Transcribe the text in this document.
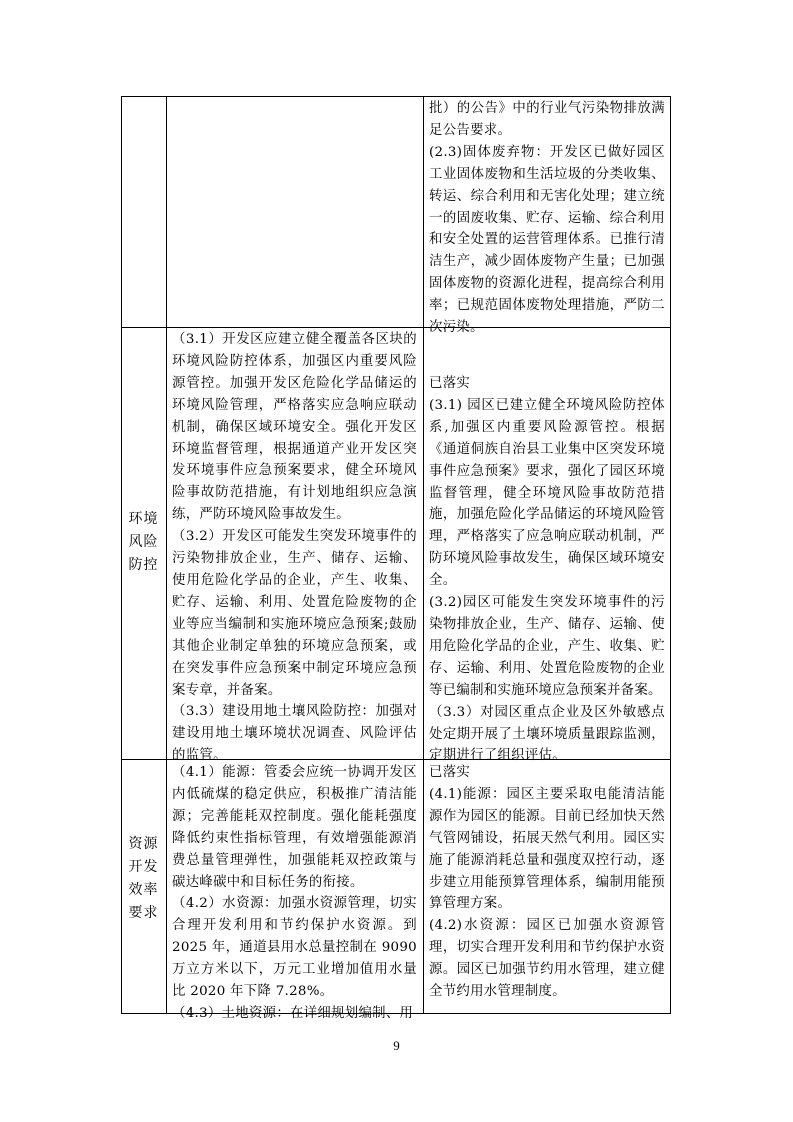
批）的公告》中的行业气污染物排放满足公告要求。

(2.3)固体废弃物：开发区已做好园区工业固体废物和生活垃圾的分类收集、转运、综合利用和无害化处理；建立统一的固废收集、贮存、运输、综合利用和安全处置的运营管理体系。已推行清洁生产，减少固体废物产生量；已加强固体废物的资源化进程，提高综合利用率；已规范固体废物处理措施，严防二次污染。

环境
风险
防控

（3.1）开发区应建立健全覆盖各区块的环境风险防控体系，加强区内重要风险源管控。加强开发区危险化学品储运的环境风险管理，严格落实应急响应联动机制，确保区域环境安全。强化开发区环境监督管理，根据通道产业开发区突发环境事件应急预案要求，健全环境风险事故防范措施，有计划地组织应急演练，严防环境风险事故发生。

（3.2）开发区可能发生突发环境事件的污染物排放企业，生产、储存、运输、使用危险化学品的企业，产生、收集、贮存、运输、利用、处置危险废物的企业等应当编制和实施环境应急预案;鼓励其他企业制定单独的环境应急预案，或在突发事件应急预案中制定环境应急预案专章，并备案。

（3.3）建设用地土壤风险防控：加强对建设用地土壤环境状况调查、风险评估的监管。

已落实

(3.1) 园区已建立健全环境风险防控体系,加强区内重要风险源管控。根据《通道侗族自治县工业集中区突发环境事件应急预案》要求，强化了园区环境监督管理，健全环境风险事故防范措施，加强危险化学品储运的环境风险管理，严格落实了应急响应联动机制，严防环境风险事故发生，确保区域环境安全。

(3.2)园区可能发生突发环境事件的污染物排放企业，生产、储存、运输、使用危险化学品的企业，产生、收集、贮存、运输、利用、处置危险废物的企业等已编制和实施环境应急预案并备案。

（3.3）对园区重点企业及区外敏感点处定期开展了土壤环境质量跟踪监测，定期进行了组织评估。

资源
开发
效率
要求

（4.1）能源：管委会应统一协调开发区内低硫煤的稳定供应，积极推广清洁能源；完善能耗双控制度。强化能耗强度降低约束性指标管理，有效增强能源消费总量管理弹性，加强能耗双控政策与碳达峰碳中和目标任务的衔接。

（4.2）水资源：加强水资源管理，切实合理开发利用和节约保护水资源。到2025 年，通道县用水总量控制在 9090 万立方米以下，万元工业增加值用水量比 2020 年下降 7.28%。

（4.3）土地资源：在详细规划编制、用

已落实

(4.1)能源：园区主要采取电能清洁能源作为园区的能源。目前已经加快天然气管网铺设，拓展天然气利用。园区实施了能源消耗总量和强度双控行动，逐步建立用能预算管理体系，编制用能预算管理方案。

(4.2)水资源：园区已加强水资源管理，切实合理开发利用和节约保护水资源。园区已加强节约用水管理，建立健全节约用水管理制度。

9
